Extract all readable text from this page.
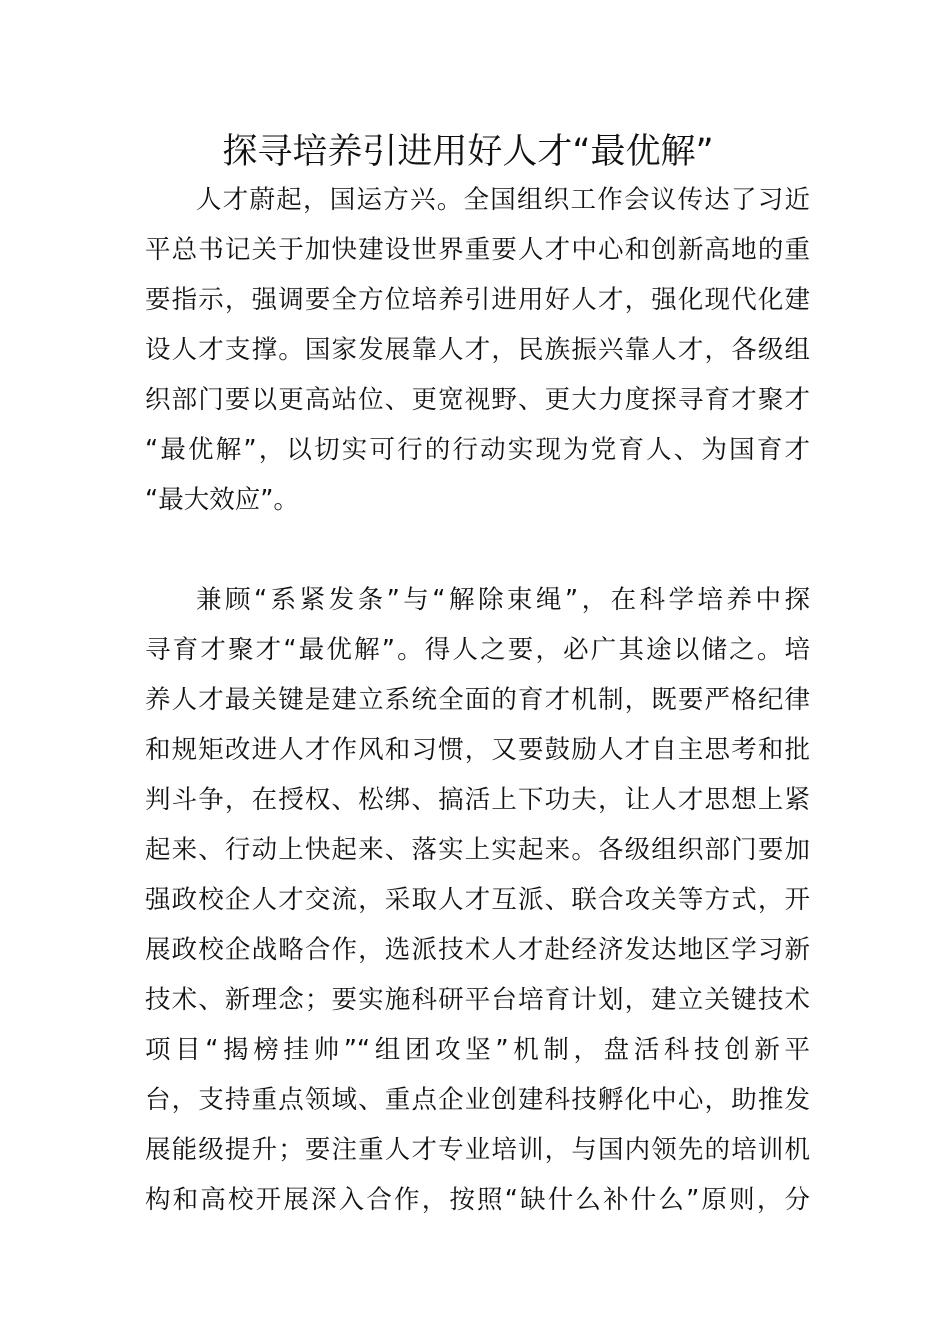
探寻培养引进用好人才“最优解”
人才蔚起，国运方兴。全国组织工作会议传达了习近
平总书记关于加快建设世界重要人才中心和创新高地的重
要指示，强调要全方位培养引进用好人才，强化现代化建
设人才支撑。国家发展靠人才，民族振兴靠人才，各级组
织部门要以更高站位、更宽视野、更大力度探寻育才聚才
“最优解”，以切实可行的行动实现为党育人、为国育才
“最大效应”。
兼顾“系紧发条”与“解除束绳”，在科学培养中探
寻育才聚才“最优解”。得人之要，必广其途以储之。培
养人才最关键是建立系统全面的育才机制，既要严格纪律
和规矩改进人才作风和习惯，又要鼓励人才自主思考和批
判斗争，在授权、松绑、搞活上下功夫，让人才思想上紧
起来、行动上快起来、落实上实起来。各级组织部门要加
强政校企人才交流，采取人才互派、联合攻关等方式，开
展政校企战略合作，选派技术人才赴经济发达地区学习新
技术、新理念；要实施科研平台培育计划，建立关键技术
项目“揭榜挂帅”“组团攻坚”机制，盘活科技创新平
台，支持重点领域、重点企业创建科技孵化中心，助推发
展能级提升；要注重人才专业培训，与国内领先的培训机
构和高校开展深入合作，按照“缺什么补什么”原则，分
